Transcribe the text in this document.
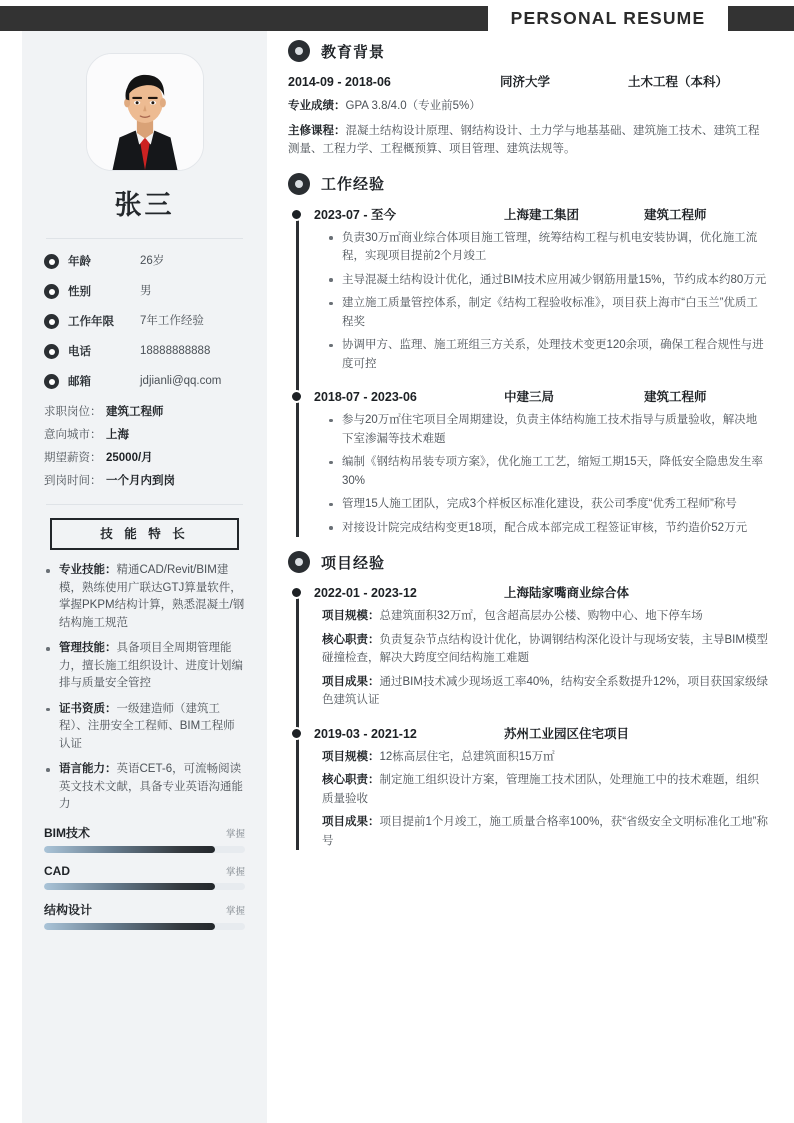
PERSONAL RESUME
张三
年龄	26岁
性别	男
工作年限	7年工作经验
电话	18888888888
邮箱	jdjianli@qq.com
求职岗位： 建筑工程师
意向城市： 上海
期望薪资： 25000/月
到岗时间： 一个月内到岗
技 能 特 长
专业技能：精通CAD/Revit/BIM建模，熟练使用广联达GTJ算量软件，掌握PKPM结构计算，熟悉混凝土/钢结构施工规范
管理技能：具备项目全周期管理能力，擅长施工组织设计、进度计划编排与质量安全管控
证书资质：一级建造师（建筑工程）、注册安全工程师、BIM工程师认证
语言能力：英语CET-6，可流畅阅读英文技术文献，具备专业英语沟通能力
BIM技术	掌握
CAD	掌握
结构设计	掌握
教育背景
2014-09 - 2018-06	同济大学	土木工程（本科）
专业成绩：GPA 3.8/4.0（专业前5%）
主修课程：混凝土结构设计原理、钢结构设计、土力学与地基基础、建筑施工技术、建筑工程测量、工程力学、工程概预算、项目管理、建筑法规等。
工作经验
2023-07 - 至今	上海建工集团	建筑工程师
负责30万㎡商业综合体项目施工管理，统筹结构工程与机电安装协调，优化施工流程，实现项目提前2个月竣工
主导混凝土结构设计优化，通过BIM技术应用减少钢筋用量15%，节约成本约80万元
建立施工质量管控体系，制定《结构工程验收标准》，项目获上海市“白玉兰”优质工程奖
协调甲方、监理、施工班组三方关系，处理技术变更120余项，确保工程合规性与进度可控
2018-07 - 2023-06	中建三局	建筑工程师
参与20万㎡住宅项目全周期建设，负责主体结构施工技术指导与质量验收，解决地下室渗漏等技术难题
编制《钢结构吊装专项方案》，优化施工工艺，缩短工期15天，降低安全隐患发生率30%
管理15人施工团队，完成3个样板区标准化建设，获公司季度“优秀工程师”称号
对接设计院完成结构变更18项，配合成本部完成工程签证审核，节约造价52万元
项目经验
2022-01 - 2023-12	上海陆家嘴商业综合体
项目规模：总建筑面积32万㎡，包含超高层办公楼、购物中心、地下停车场
核心职责：负责复杂节点结构设计优化，协调钢结构深化设计与现场安装，主导BIM模型碰撞检查，解决大跨度空间结构施工难题
项目成果：通过BIM技术减少现场返工率40%，结构安全系数提升12%，项目获国家级绿色建筑认证
2019-03 - 2021-12	苏州工业园区住宅项目
项目规模：12栋高层住宅，总建筑面积15万㎡
核心职责：制定施工组织设计方案，管理施工技术团队，处理施工中的技术难题，组织质量验收
项目成果：项目提前1个月竣工，施工质量合格率100%，获“省级安全文明标准化工地”称号
